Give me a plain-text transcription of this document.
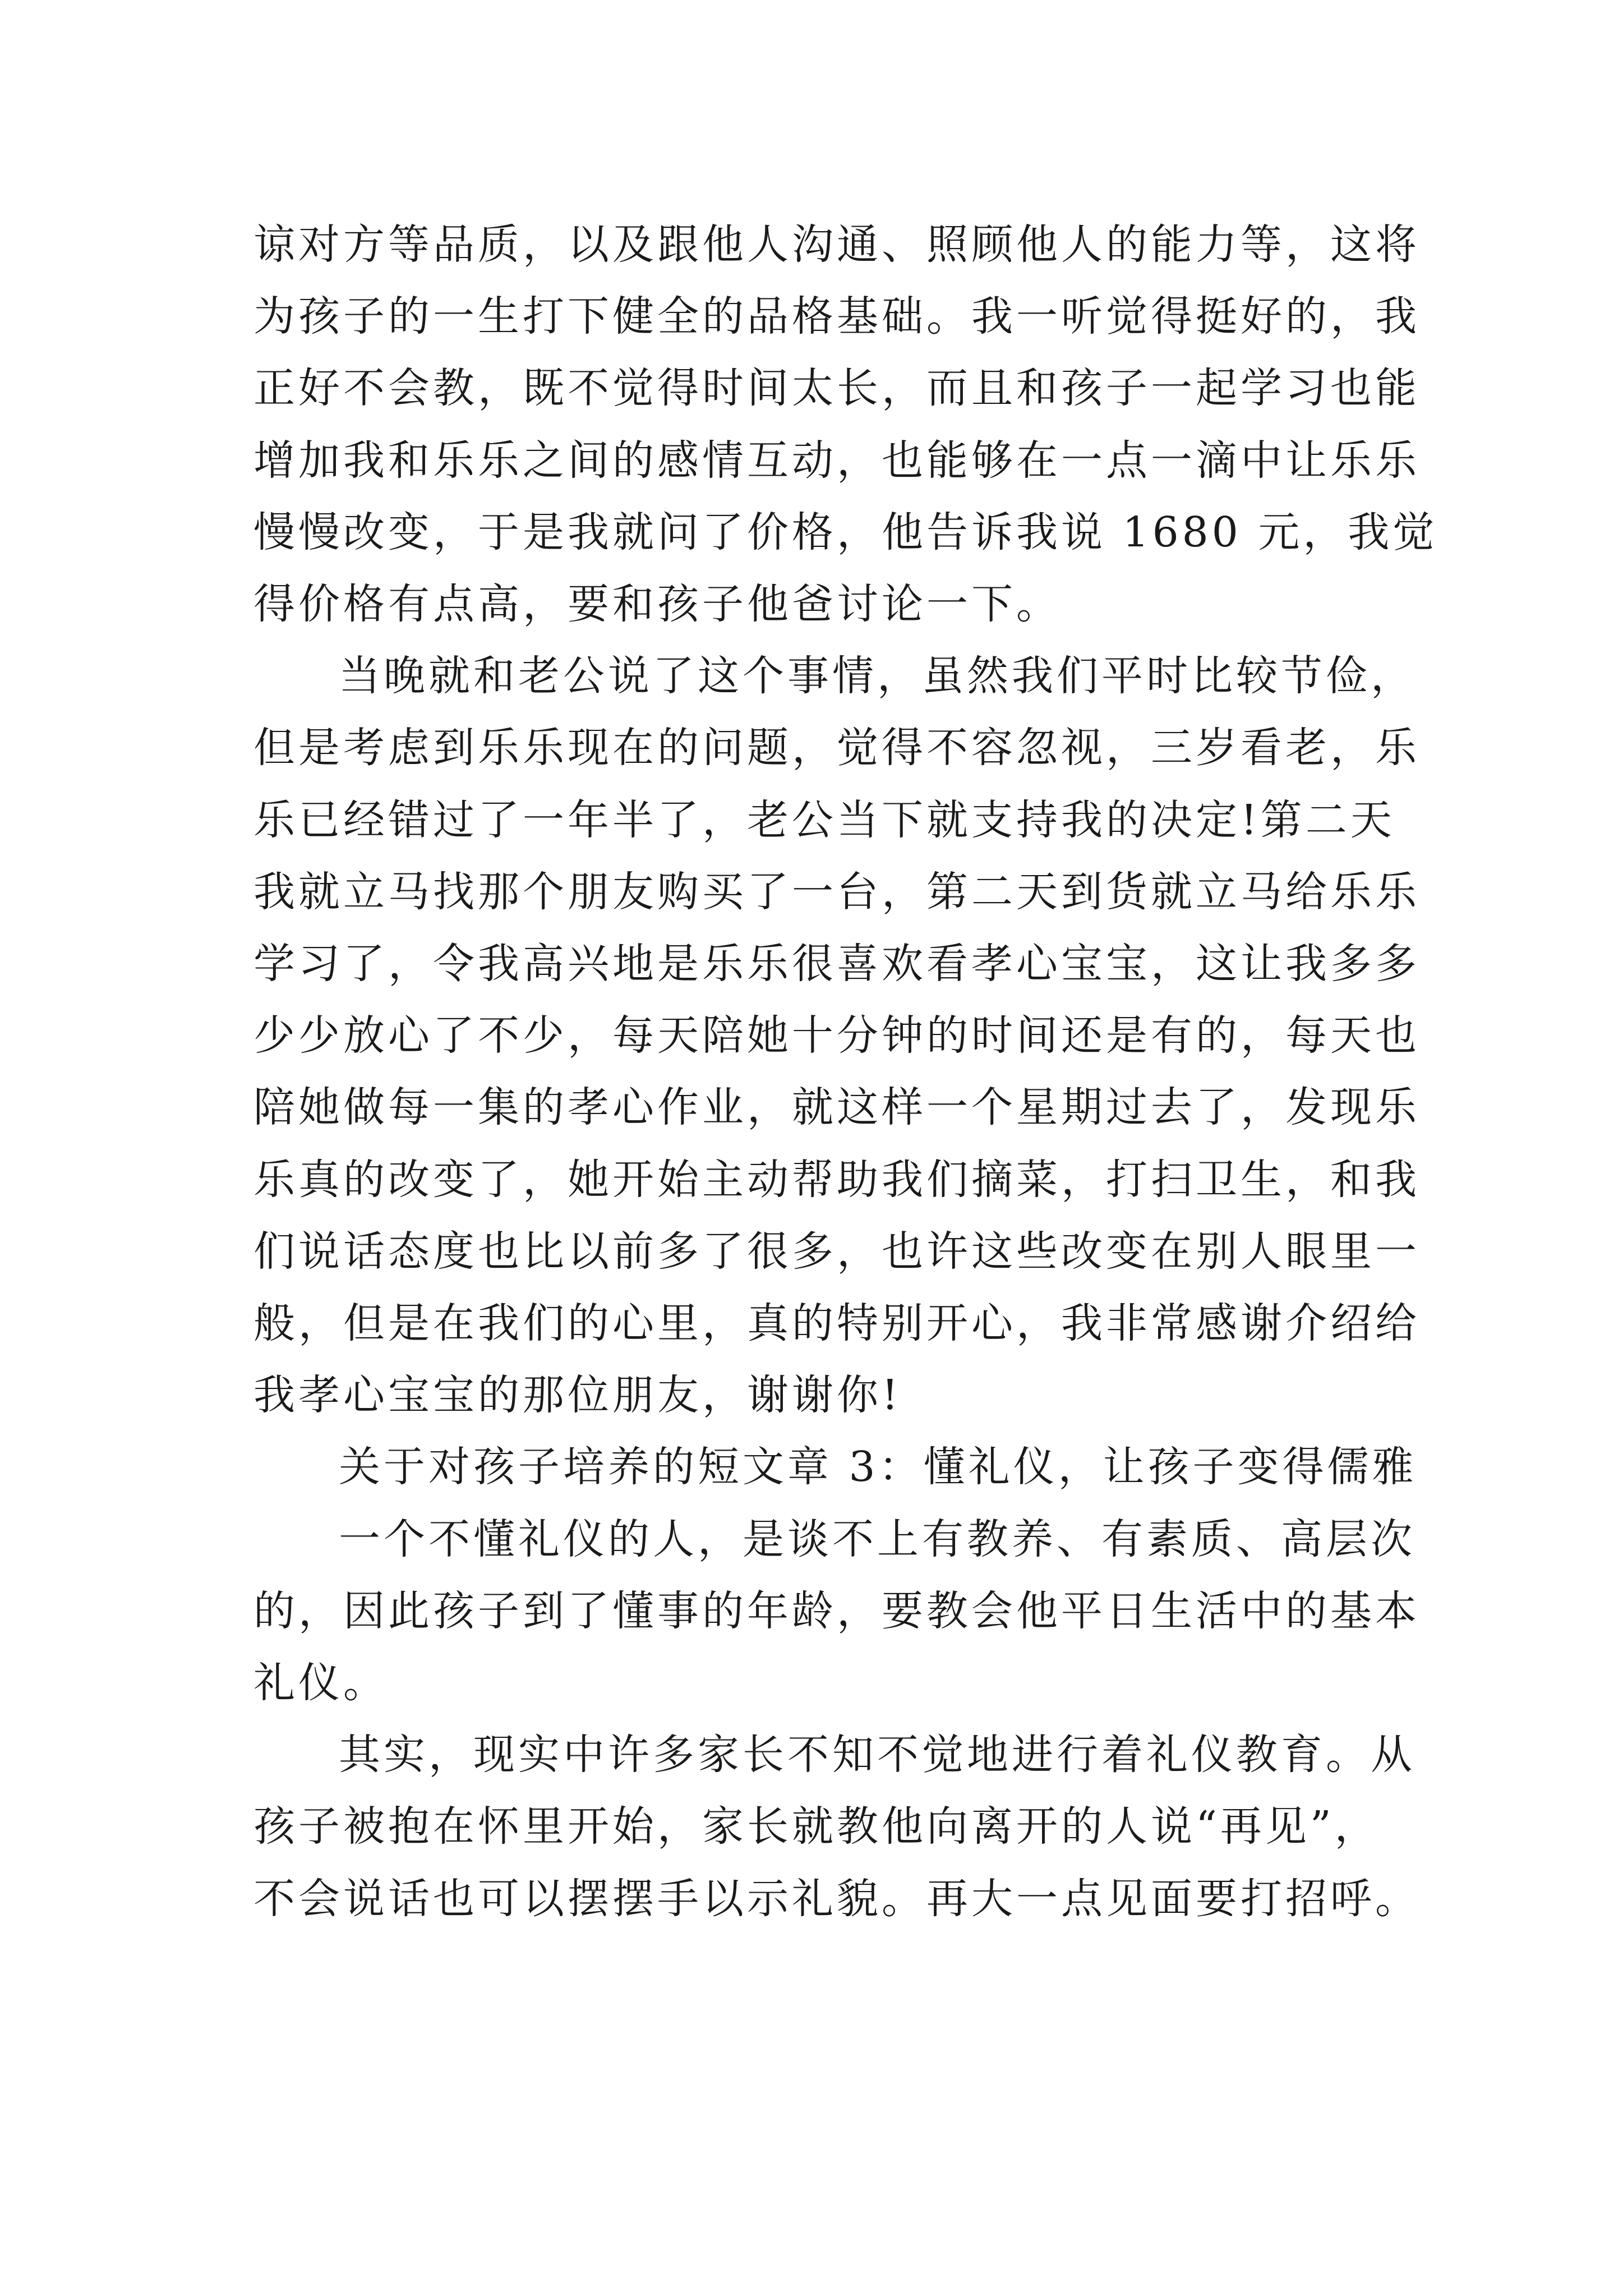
谅对方等品质，以及跟他人沟通、照顾他人的能力等，这将
为孩子的一生打下健全的品格基础。我一听觉得挺好的，我
正好不会教，既不觉得时间太长，而且和孩子一起学习也能
增加我和乐乐之间的感情互动，也能够在一点一滴中让乐乐
慢慢改变，于是我就问了价格，他告诉我说 1680 元，我觉
得价格有点高，要和孩子他爸讨论一下。

当晚就和老公说了这个事情，虽然我们平时比较节俭，
但是考虑到乐乐现在的问题，觉得不容忽视，三岁看老，乐
乐已经错过了一年半了，老公当下就支持我的决定!第二天
我就立马找那个朋友购买了一台，第二天到货就立马给乐乐
学习了，令我高兴地是乐乐很喜欢看孝心宝宝，这让我多多
少少放心了不少，每天陪她十分钟的时间还是有的，每天也
陪她做每一集的孝心作业，就这样一个星期过去了，发现乐
乐真的改变了，她开始主动帮助我们摘菜，打扫卫生，和我
们说话态度也比以前多了很多，也许这些改变在别人眼里一
般，但是在我们的心里，真的特别开心，我非常感谢介绍给
我孝心宝宝的那位朋友，谢谢你!

关于对孩子培养的短文章 3：懂礼仪，让孩子变得儒雅

一个不懂礼仪的人，是谈不上有教养、有素质、高层次
的，因此孩子到了懂事的年龄，要教会他平日生活中的基本
礼仪。

其实，现实中许多家长不知不觉地进行着礼仪教育。从
孩子被抱在怀里开始，家长就教他向离开的人说“再见”，
不会说话也可以摆摆手以示礼貌。再大一点见面要打招呼。
